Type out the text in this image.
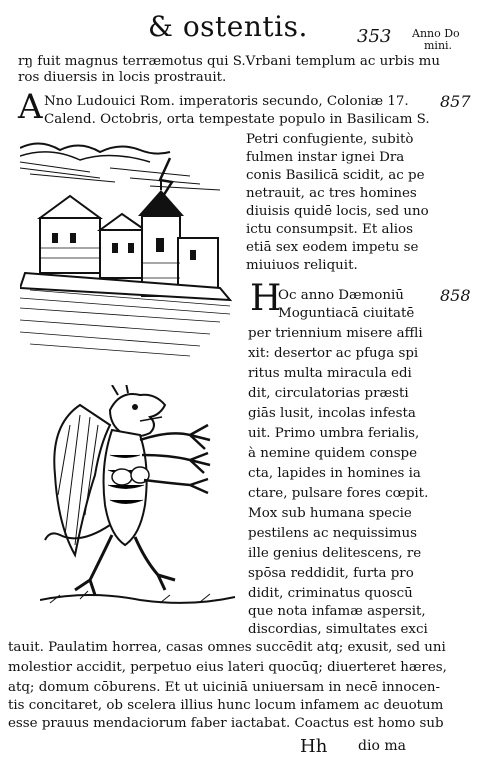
& ostentis.	353 Anno Do
mini.
rŋ fuit magnus terræmotus qui S.Vrbani templum ac urbis mu
ros diuersis in locis prostrauit.
A Nno Ludouici Rom. imperatoris secundo, Coloniæ 17. 857
Calend. Octobris, orta tempestate populo in Basilicam S.
Petri confugiente, subitò
fulmen instar ignei Dra
conis Basilicā scidit, ac pe
netrauit, ac tres homines
diuisis quidē locis, sed uno
ictu consumpsit. Et alios
etiā sex eodem impetu se
miuiuos reliquit.
H
Oc anno Dæmoniū 858
Moguntiacā ciuitatē
per triennium misere affli
xit: desertor ac pfuga spi
ritus multa miracula edi
dit, circulatorias præsti
giās lusit, incolas infesta
uit. Primo umbra ferialis,
à nemine quidem conspe
cta, lapides in homines ia
ctare, pulsare fores cœpit.
Mox sub humana specie
pestilens ac nequissimus
ille genius delitescens, re
spōsa reddidit, furta pro
didit, criminatus quoscū
que nota infamæ aspersit,
discordias, simultates exci
tauit. Paulatim horrea, casas omnes succēdit atq; exusit, sed uni
molestior accidit, perpetuo eius lateri quocūq; diuerteret hæres,
atq; domum cōburens. Et ut uiciniā uniuersam in necē innocen-
tis concitaret, ob scelera illius hunc locum infamem ac deuotum
esse prauus mendaciorum faber iactabat. Coactus est homo sub
Hh dio ma
